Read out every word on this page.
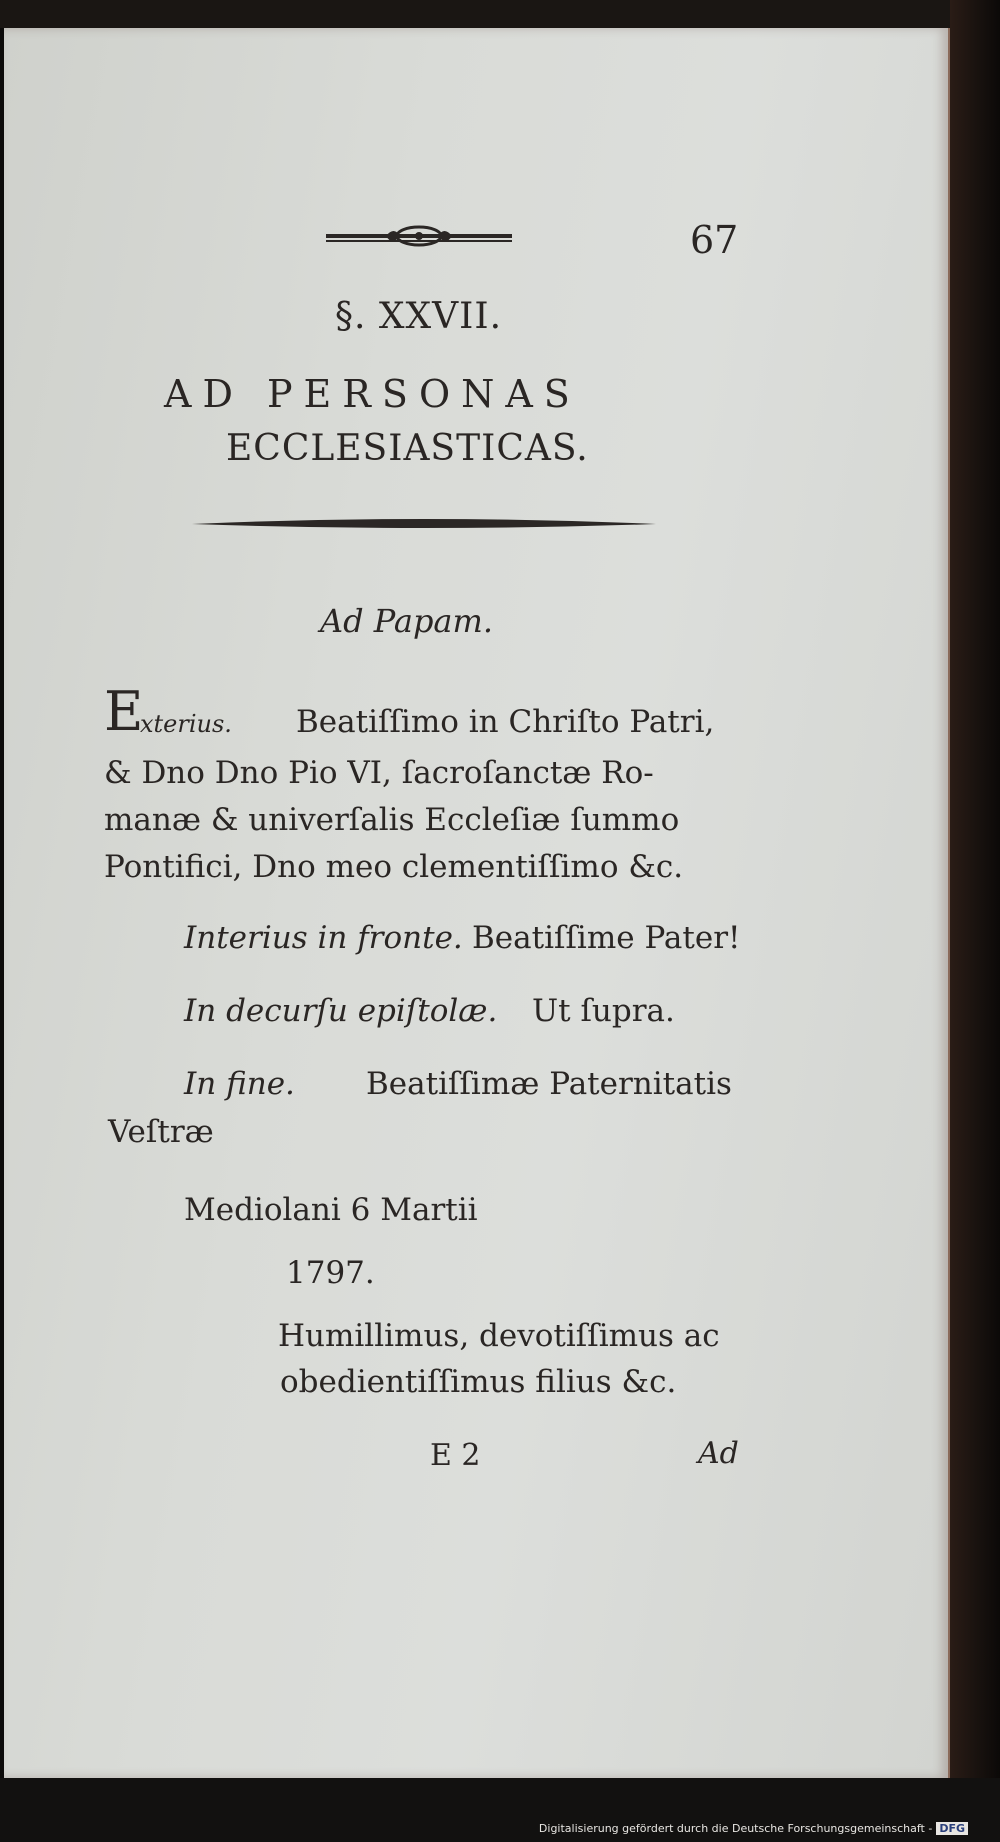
67
§. XXVII.
AD PERSONAS
ECCLESIASTICAS.
Ad Papam.
E
xterius. Beatiſſimo in Chriſto Patri,
& Dno Dno Pio VI, ſacroſanctæ Ro-
manæ & univerſalis Eccleſiæ ſummo
Pontifici, Dno meo clementiſſimo &c.
Interius in fronte. Beatiſſime Pater!
In decurſu epiſtolæ. Ut ſupra.
In fine. Beatiſſimæ Paternitatis
Veſtræ
Mediolani 6 Martii
1797.
Humillimus, devotiſſimus ac
obedientiſſimus filius &c.
E 2	Ad
Digitalisierung gefördert durch die Deutsche Forschungsgemeinschaft - DFG
